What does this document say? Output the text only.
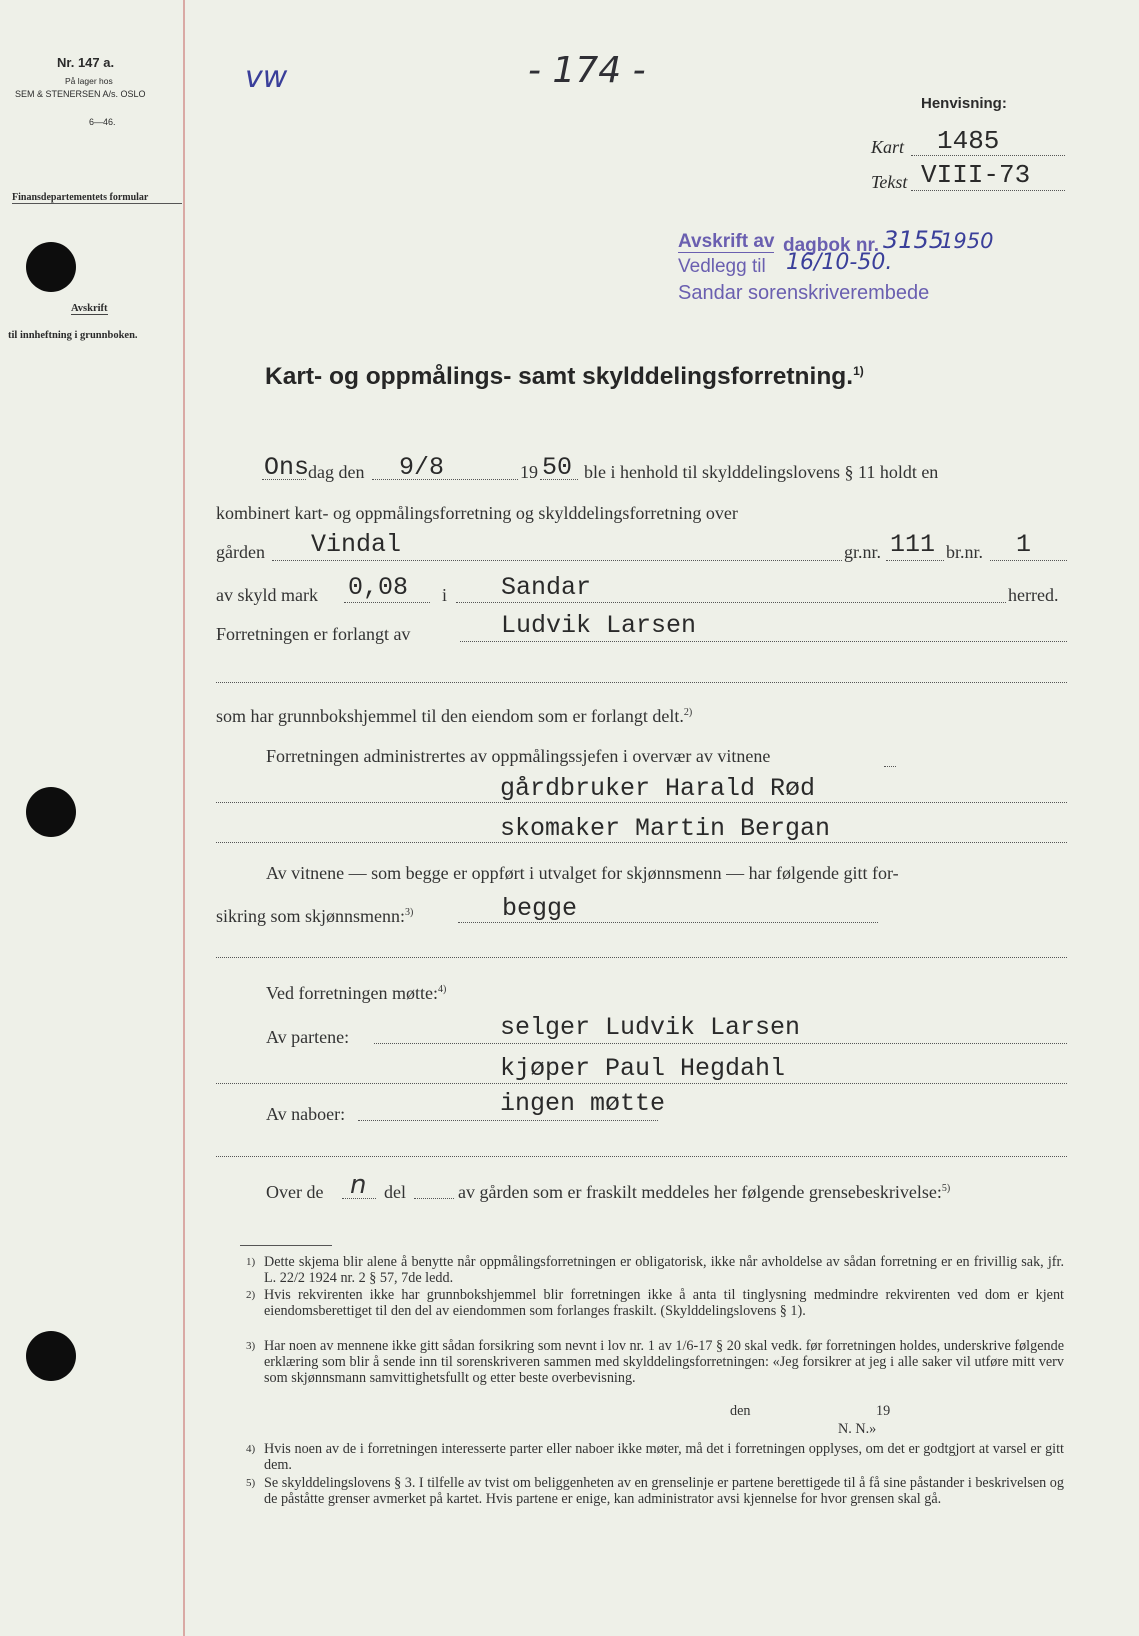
Nr. 147 a.
På lager hos
SEM & STENERSEN A/s. OSLO
6—46.
Finansdepartementets formular
Avskrift
til innheftning i grunnboken.
vw	- 174 -
Henvisning:
Kart 1485
Tekst VIII-73
Avskrift av dagbok nr. 3155
1950
Vedlegg til 16/10-50.
Sandar sorenskriverembede
Kart- og oppmålings- samt skylddelingsforretning.$^{1)}$
Ons
dag den 9/8	19 50 ble i henhold til skylddelingslovens § 11 holdt en
kombinert kart- og oppmålingsforretning og skylddelingsforretning over
gården Vindal	gr.nr. 111 br.nr. 1
av skyld mark 0,08 i Sandar	herred.
Forretningen er forlangt av	Ludvik Larsen
som har grunnbokshjemmel til den eiendom som er forlangt delt.$^{2)}$
Forretningen administrertes av oppmålingssjefen i overvær av vitnene
gårdbruker Harald Rød
skomaker Martin Bergan
Av vitnene — som begge er oppført i utvalget for skjønnsmenn — har følgende gitt for-
sikring som skjønnsmenn:$^{3)}$	begge
Ved forretningen møtte:$^{4)}$
Av partene:	selger Ludvik Larsen
kjøper Paul Hegdahl
Av naboer:	ingen møtte
Over de n del	av gården som er fraskilt meddeles her følgende grensebeskrivelse:$^{5)}$
1) Dette skjema blir alene å benytte når oppmålingsforretningen er obligatorisk, ikke når avholdelse av sådan forretning er en frivillig sak, jfr. L. 22/2 1924 nr. 2 § 57, 7de ledd.
2) Hvis rekvirenten ikke har grunnbokshjemmel blir forretningen ikke å anta til tinglysning medmindre rekvirenten ved dom er kjent eiendomsberettiget til den del av eiendommen som forlanges fraskilt. (Skylddelingslovens § 1).
3) Har noen av mennene ikke gitt sådan forsikring som nevnt i lov nr. 1 av 1/6-17 § 20 skal vedk. før forretningen holdes, underskrive følgende erklæring som blir å sende inn til sorenskriveren sammen med skylddelingsforretningen: «Jeg forsikrer at jeg i alle saker vil utføre mitt verv som skjønnsmann samvittighetsfullt og etter beste overbevisning.
den	19
N. N.»
4) Hvis noen av de i forretningen interesserte parter eller naboer ikke møter, må det i forretningen opplyses, om det er godtgjort at varsel er gitt dem.
5) Se skylddelingslovens § 3. I tilfelle av tvist om beliggenheten av en grenselinje er partene berettigede til å få sine påstander i beskrivelsen og de påståtte grenser avmerket på kartet. Hvis partene er enige, kan administrator avsi kjennelse for hvor grensen skal gå.
